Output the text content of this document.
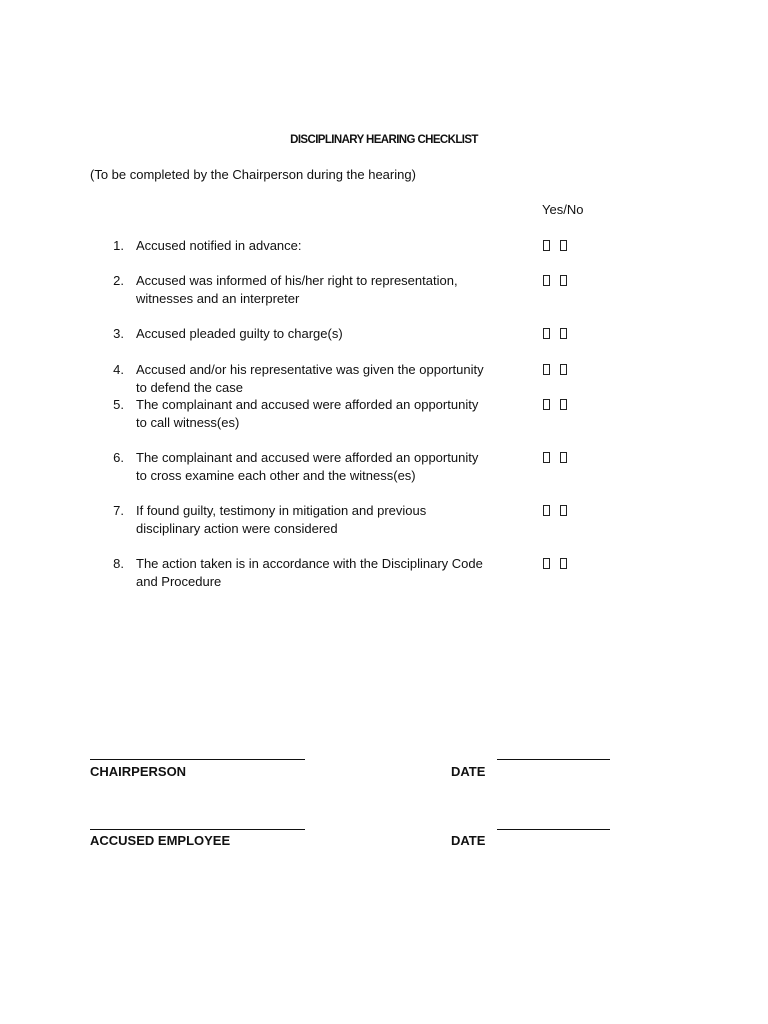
DISCIPLINARY HEARING CHECKLIST
(To be completed by the Chairperson during the hearing)
Yes/No
1. Accused notified in advance:
2. Accused was informed of his/her right to representation, witnesses and an interpreter
3. Accused pleaded guilty to charge(s)
4. Accused and/or his representative was given the opportunity to defend the case
5. The complainant and accused were afforded an opportunity to call witness(es)
6. The complainant and accused were afforded an opportunity to cross examine each other and the witness(es)
7. If found guilty, testimony in mitigation and previous disciplinary action were considered
8. The action taken is in accordance with the Disciplinary Code and Procedure
CHAIRPERSON	DATE
ACCUSED EMPLOYEE	DATE
